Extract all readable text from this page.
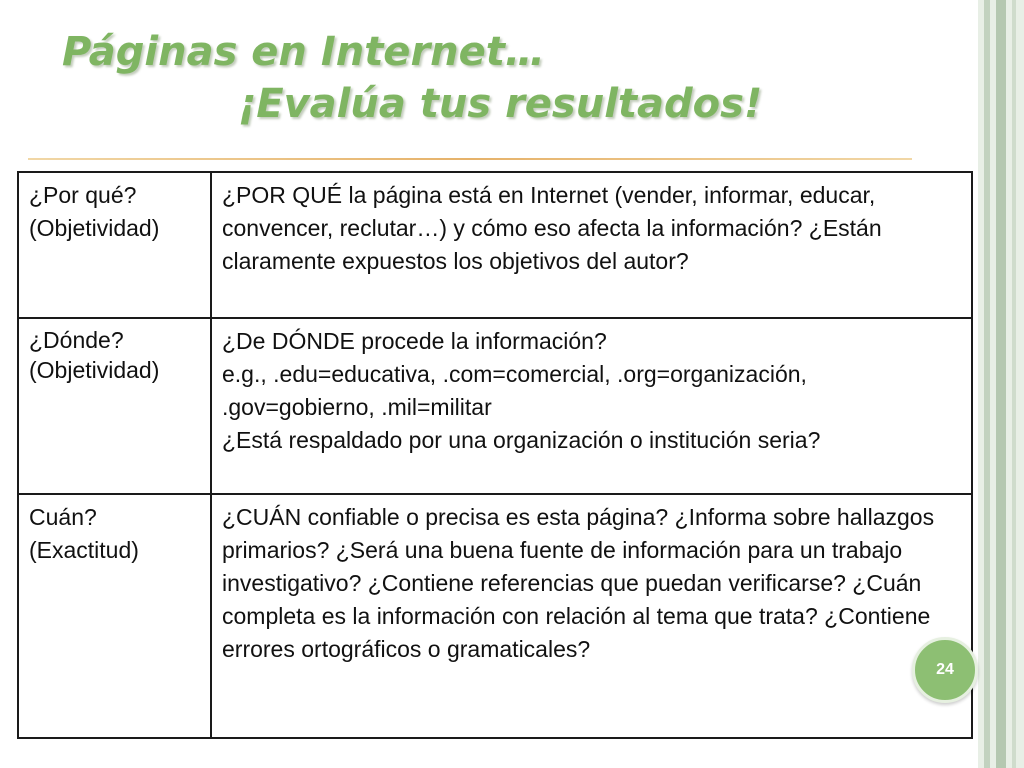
Páginas en Internet…
¡Evalúa tus resultados!
¿Por qué?
(Objetividad)	¿POR QUÉ la página está en Internet (vender, informar, educar, convencer, reclutar…) y cómo eso afecta la información? ¿Están claramente expuestos los objetivos del autor?

¿Dónde?
(Objetividad)	¿De DÓNDE procede la información?
e.g., .edu=educativa, .com=comercial, .org=organización, .gov=gobierno, .mil=militar
¿Está respaldado por una organización o institución seria?

Cuán?
(Exactitud)	¿CUÁN confiable o precisa es esta página? ¿Informa sobre hallazgos primarios? ¿Será una buena fuente de información para un trabajo investigativo? ¿Contiene referencias que puedan verificarse? ¿Cuán completa es la información con relación al tema que trata? ¿Contiene errores ortográficos o gramaticales?
24
